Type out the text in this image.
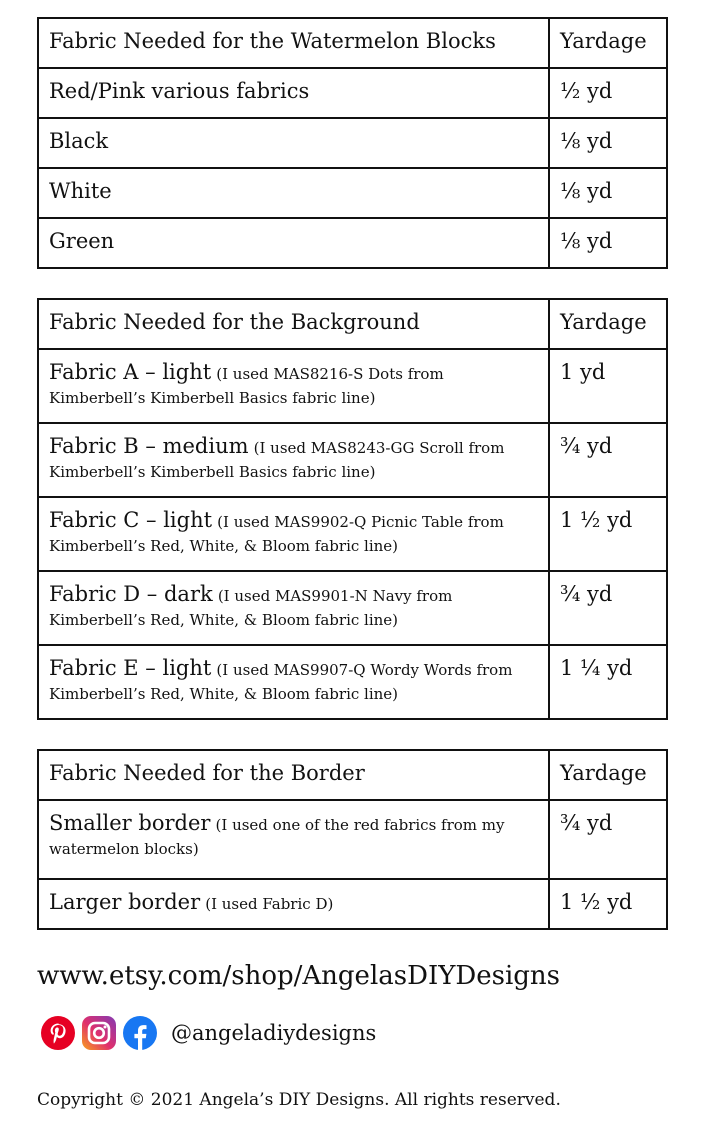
Fabric Needed for the Watermelon Blocks	Yardage
Red/Pink various fabrics	½ yd
Black	⅛ yd
White	⅛ yd
Green	⅛ yd
Fabric Needed for the Background	Yardage
Fabric A – light (I used MAS8216-S Dots from Kimberbell’s Kimberbell Basics fabric line)	1 yd
Fabric B – medium (I used MAS8243-GG Scroll from Kimberbell’s Kimberbell Basics fabric line)	¾ yd
Fabric C – light (I used MAS9902-Q Picnic Table from Kimberbell’s Red, White, & Bloom fabric line)	1 ½ yd
Fabric D – dark (I used MAS9901-N Navy from Kimberbell’s Red, White, & Bloom fabric line)	¾ yd
Fabric E – light (I used MAS9907-Q Wordy Words from Kimberbell’s Red, White, & Bloom fabric line)	1 ¼ yd
Fabric Needed for the Border	Yardage
Smaller border (I used one of the red fabrics from my watermelon blocks)	¾ yd
Larger border (I used Fabric D)	1 ½ yd
www.etsy.com/shop/AngelasDIYDesigns
@angeladiydesigns
Copyright © 2021 Angela’s DIY Designs. All rights reserved.
